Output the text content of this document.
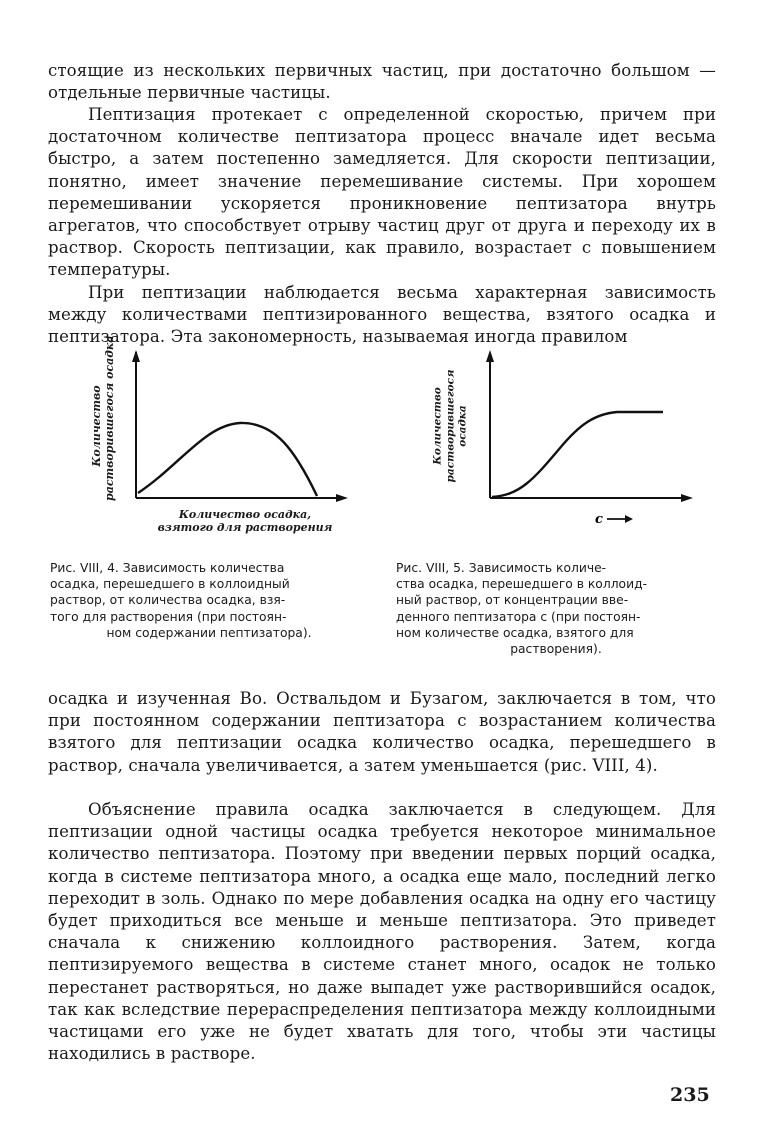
стоящие из нескольких первичных частиц, при достаточно большом — отдельные первичные частицы.

Пептизация протекает с определенной скоростью, причем при достаточном количестве пептизатора процесс вначале идет весьма быстро, а затем постепенно замедляется. Для скорости пептизации, понятно, имеет значение перемешивание системы. При хорошем перемешивании ускоряется проникновение пептизатора внутрь агрегатов, что способствует отрыву частиц друг от друга и переходу их в раствор. Скорость пептизации, как правило, возрастает с повышением температуры.

При пептизации наблюдается весьма характерная зависимость между количествами пептизированного вещества, взятого осадка и пептизатора. Эта закономерность, называемая иногда правилом

Количество растворившегося осадка
Количество осадка,
взятого для растворения
Рис. VIII, 4. Зависимость количества
осадка, перешедшего в коллоидный
раствор, от количества осадка, взя-
того для растворения (при постоян-
ном содержании пептизатора).
c
Количество растворившегося осадка
Рис. VIII, 5. Зависимость количе-
ства осадка, перешедшего в коллоид-
ный раствор, от концентрации вве-
денного пептизатора c (при постоян-
ном количестве осадка, взятого для
растворения).

осадка и изученная Во. Оствальдом и Бузагом, заключается в том, что при постоянном содержании пептизатора с возрастанием количества взятого для пептизации осадка количество осадка, перешедшего в раствор, сначала увеличивается, а затем уменьшается (рис. VIII, 4).

Объяснение правила осадка заключается в следующем. Для пептизации одной частицы осадка требуется некоторое минимальное количество пептизатора. Поэтому при введении первых порций осадка, когда в системе пептизатора много, а осадка еще мало, последний легко переходит в золь. Однако по мере добавления осадка на одну его частицу будет приходиться все меньше и меньше пептизатора. Это приведет сначала к снижению коллоидного растворения. Затем, когда пептизируемого вещества в системе станет много, осадок не только перестанет растворяться, но даже выпадет уже растворившийся осадок, так как вследствие перераспределения пептизатора между коллоидными частицами его уже не будет хватать для того, чтобы эти частицы находились в растворе.

235
